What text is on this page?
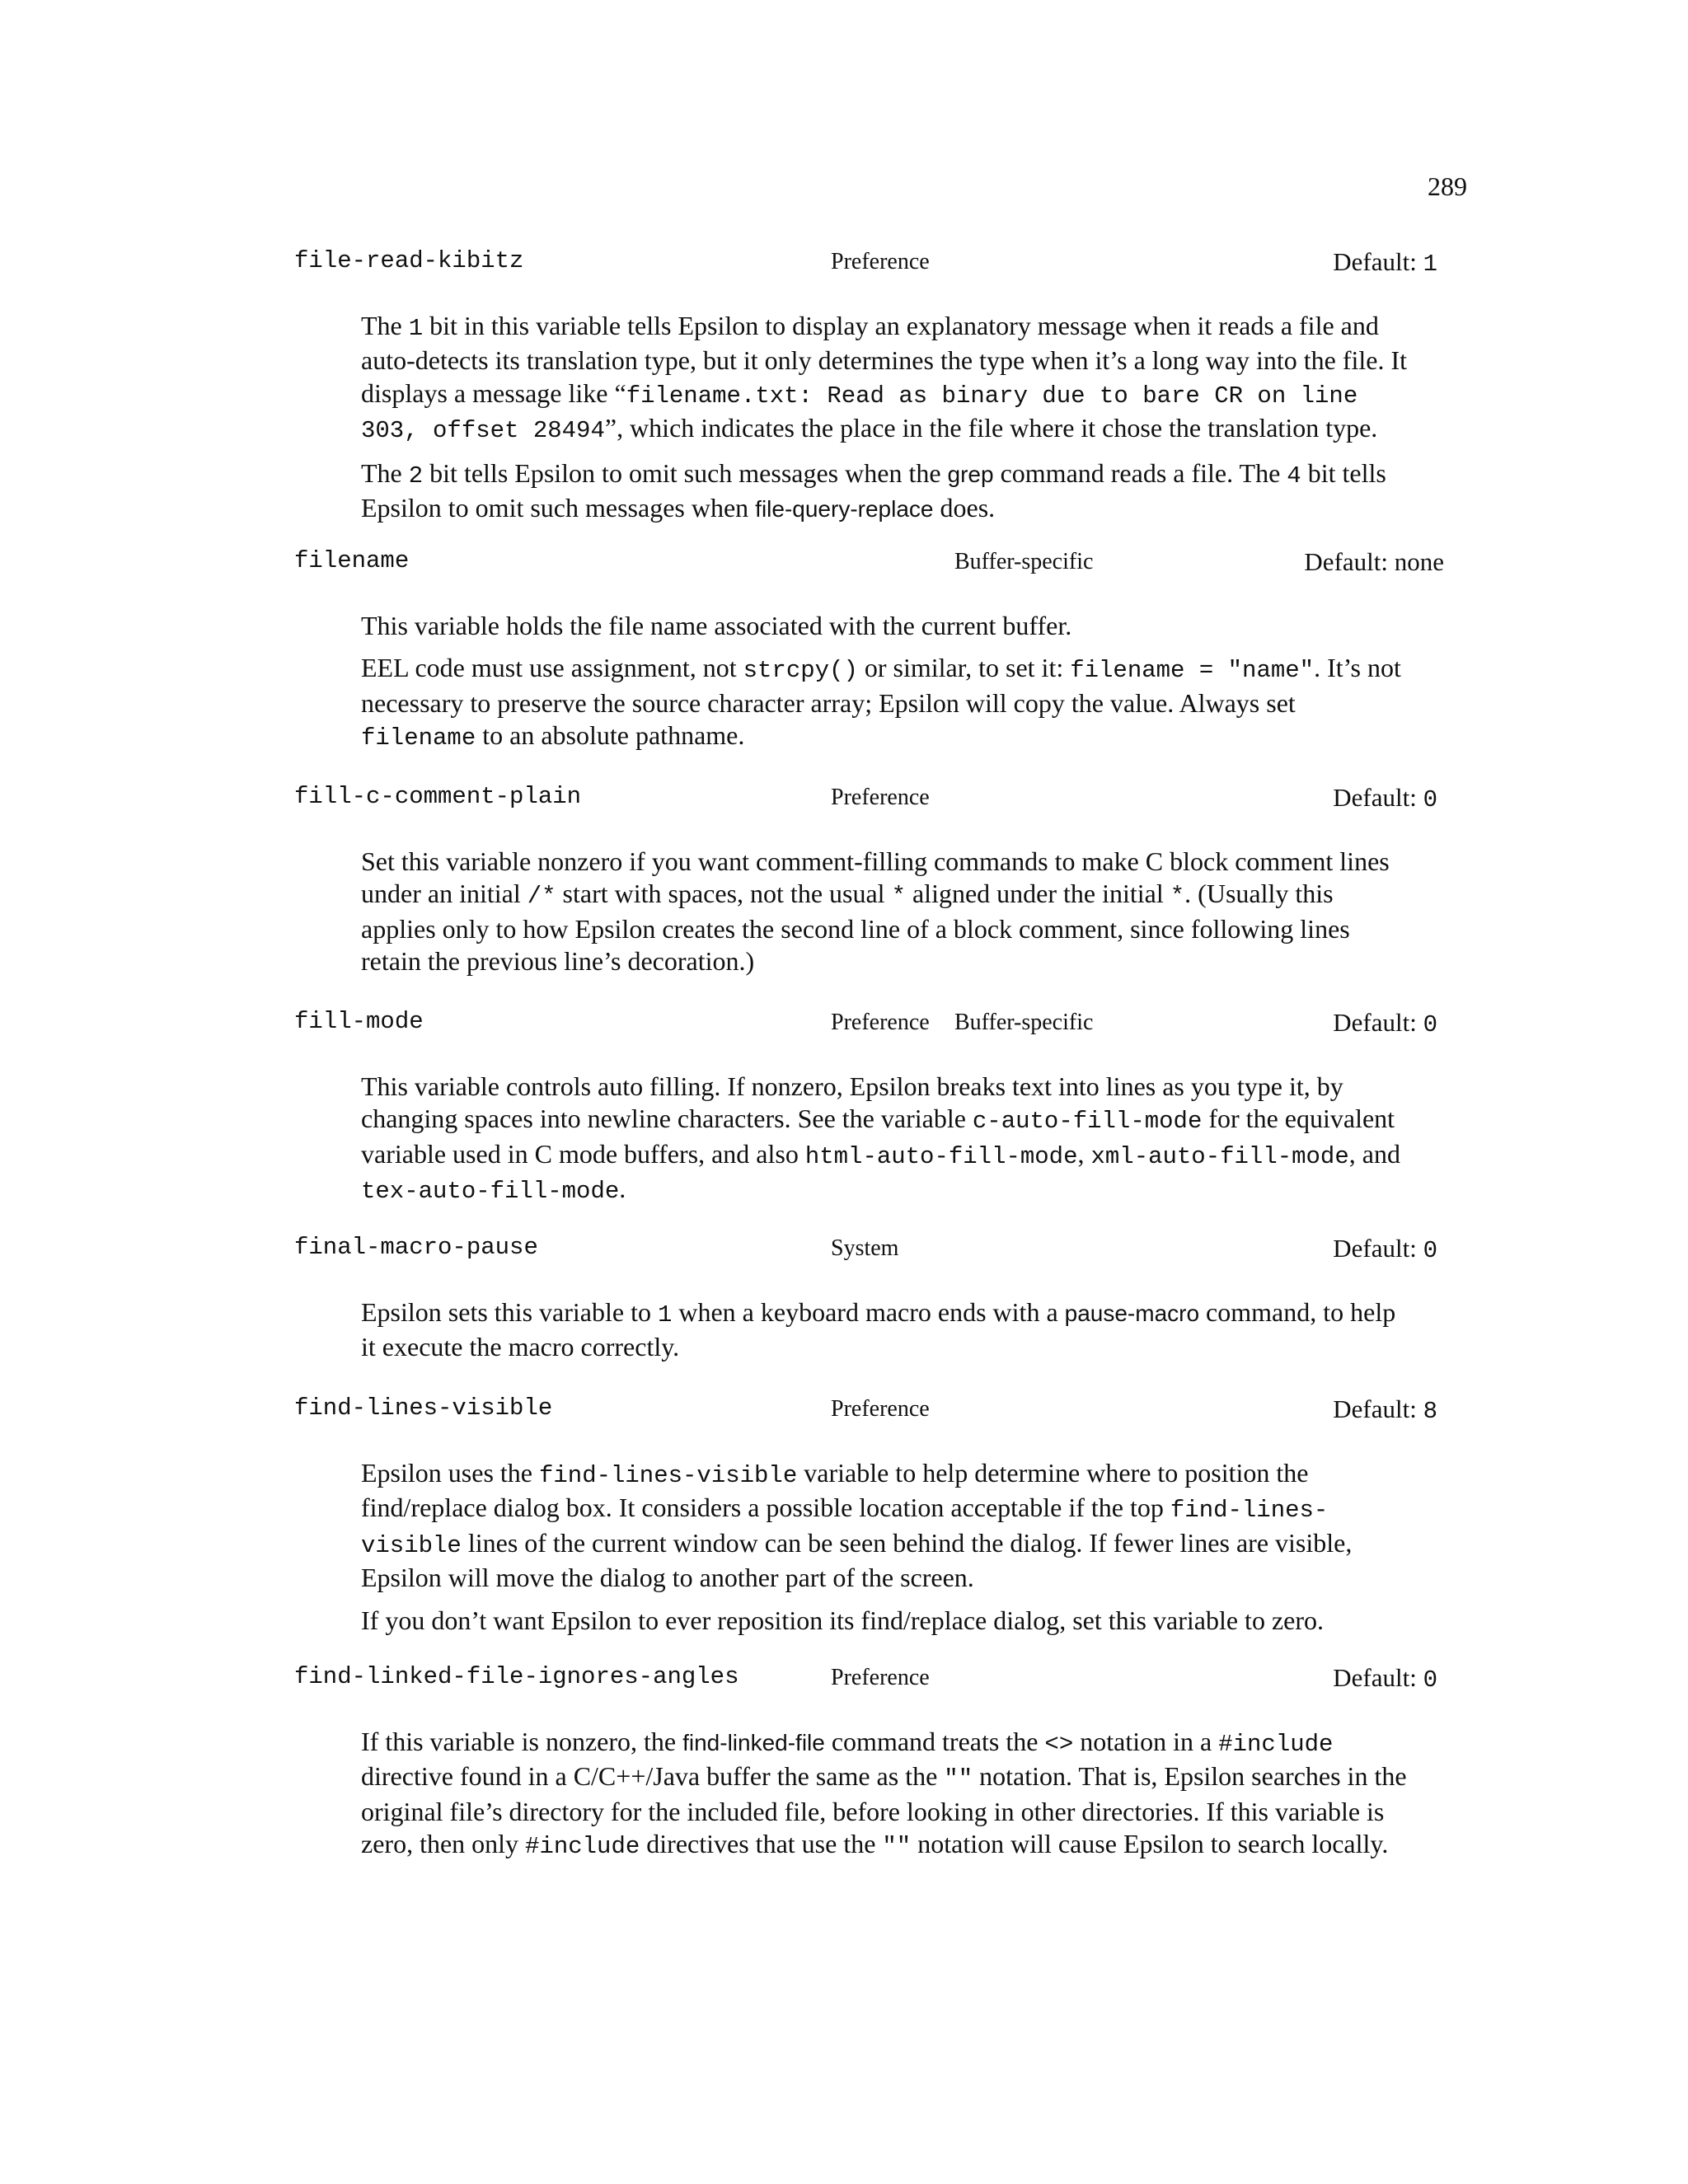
289
file-read-kibitz	Preference	Default: 1

The 1 bit in this variable tells Epsilon to display an explanatory message when it reads a file and auto-detects its translation type, but it only determines the type when it’s a long way into the file. It displays a message like “filename.txt: Read as binary due to bare CR on line 303, offset 28494”, which indicates the place in the file where it chose the translation type.

The 2 bit tells Epsilon to omit such messages when the grep command reads a file. The 4 bit tells Epsilon to omit such messages when file-query-replace does.

filename	Buffer-specific	Default: none

This variable holds the file name associated with the current buffer.

EEL code must use assignment, not strcpy() or similar, to set it: filename = "name". It’s not necessary to preserve the source character array; Epsilon will copy the value. Always set filename to an absolute pathname.

fill-c-comment-plain	Preference	Default: 0

Set this variable nonzero if you want comment-filling commands to make C block comment lines under an initial /* start with spaces, not the usual * aligned under the initial *. (Usually this applies only to how Epsilon creates the second line of a block comment, since following lines retain the previous line’s decoration.)

fill-mode	Preference Buffer-specific	Default: 0

This variable controls auto filling. If nonzero, Epsilon breaks text into lines as you type it, by changing spaces into newline characters. See the variable c-auto-fill-mode for the equivalent variable used in C mode buffers, and also html-auto-fill-mode, xml-auto-fill-mode, and tex-auto-fill-mode.

final-macro-pause	System	Default: 0

Epsilon sets this variable to 1 when a keyboard macro ends with a pause-macro command, to help it execute the macro correctly.

find-lines-visible	Preference	Default: 8

Epsilon uses the find-lines-visible variable to help determine where to position the find/replace dialog box. It considers a possible location acceptable if the top find-lines-visible lines of the current window can be seen behind the dialog. If fewer lines are visible, Epsilon will move the dialog to another part of the screen.

If you don’t want Epsilon to ever reposition its find/replace dialog, set this variable to zero.

find-linked-file-ignores-angles	Preference	Default: 0

If this variable is nonzero, the find-linked-file command treats the <> notation in a #include directive found in a C/C++/Java buffer the same as the "" notation. That is, Epsilon searches in the original file’s directory for the included file, before looking in other directories. If this variable is zero, then only #include directives that use the "" notation will cause Epsilon to search locally.
